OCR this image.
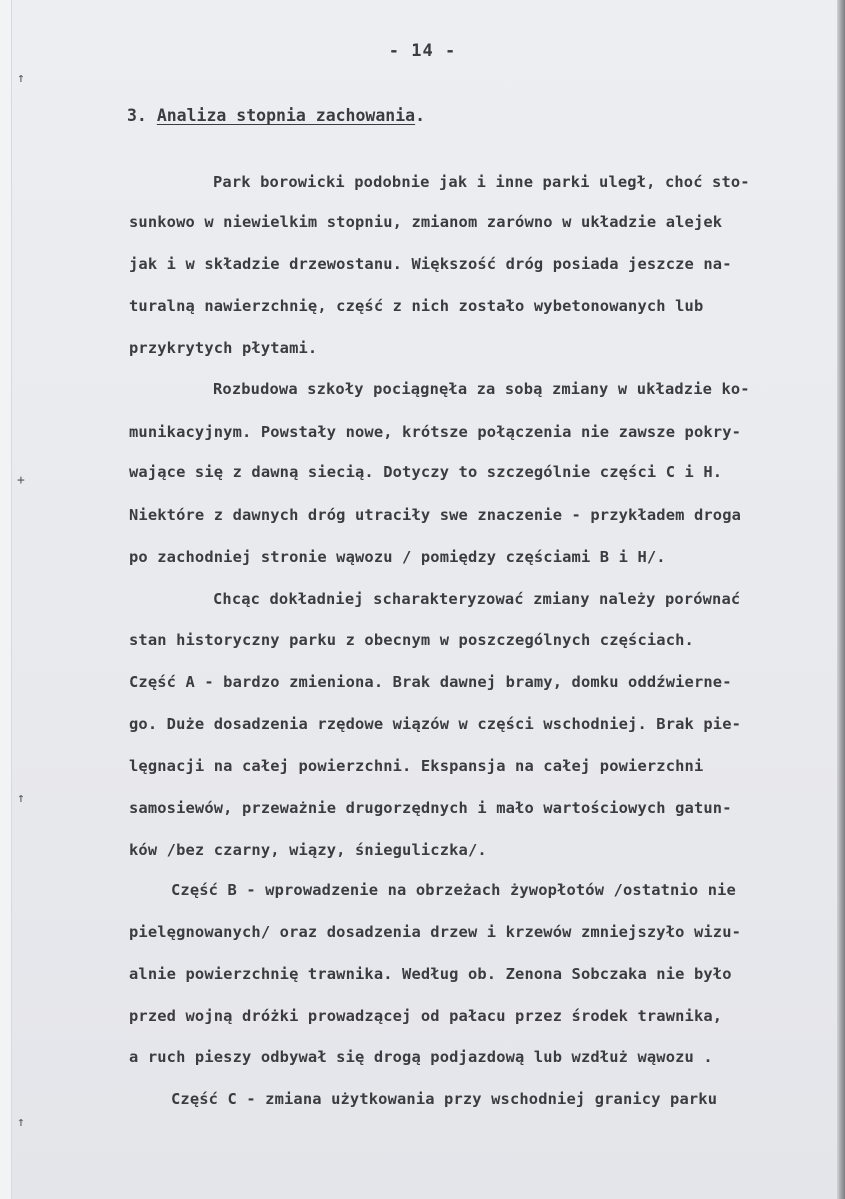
↑
+
↑
↑
- 14 -
3. Analiza stopnia zachowania.
Park borowicki podobnie jak i inne parki uległ, choć sto-
sunkowo w niewielkim stopniu, zmianom zarówno w układzie alejek
jak i w składzie drzewostanu. Większość dróg posiada jeszcze na-
turalną nawierzchnię, część z nich zostało wybetonowanych lub
przykrytych płytami.
Rozbudowa szkoły pociągnęła za sobą zmiany w układzie ko-
munikacyjnym. Powstały nowe, krótsze połączenia nie zawsze pokry-
wające się z dawną siecią. Dotyczy to szczególnie części C i H.
Niektóre z dawnych dróg utraciły swe znaczenie - przykładem droga
po zachodniej stronie wąwozu / pomiędzy częściami B i H/.
Chcąc dokładniej scharakteryzować zmiany należy porównać
stan historyczny parku z obecnym w poszczególnych częściach.
Część A - bardzo zmieniona. Brak dawnej bramy, domku oddźwierne-
go. Duże dosadzenia rzędowe wiązów w części wschodniej. Brak pie-
lęgnacji na całej powierzchni. Ekspansja na całej powierzchni
samosiewów, przeważnie drugorzędnych i mało wartościowych gatun-
ków /bez czarny, wiązy, śnieguliczka/.
Część B - wprowadzenie na obrzeżach żywopłotów /ostatnio nie
pielęgnowanych/ oraz dosadzenia drzew i krzewów zmniejszyło wizu-
alnie powierzchnię trawnika. Według ob. Zenona Sobczaka nie było
przed wojną dróżki prowadzącej od pałacu przez środek trawnika,
a ruch pieszy odbywał się drogą podjazdową lub wzdłuż wąwozu .
Część C - zmiana użytkowania przy wschodniej granicy parku
